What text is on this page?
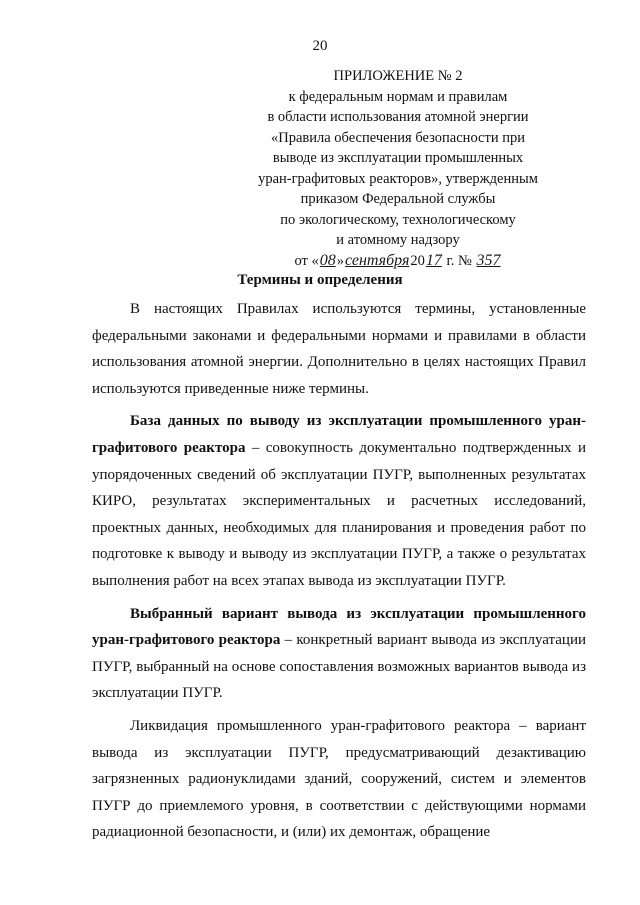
20
ПРИЛОЖЕНИЕ № 2
к федеральным нормам и правилам
в области использования атомной энергии
«Правила обеспечения безопасности при
выводе из эксплуатации промышленных
уран-графитовых реакторов», утвержденным
приказом Федеральной службы
по экологическому, технологическому
и атомному надзору
от «08»сентября2017 г. № 357
Термины и определения

В настоящих Правилах используются термины, установленные федеральными законами и федеральными нормами и правилами в области использования атомной энергии. Дополнительно в целях настоящих Правил используются приведенные ниже термины.

База данных по выводу из эксплуатации промышленного уран-графитового реактора – совокупность документально подтвержденных и упорядоченных сведений об эксплуатации ПУГР, выполненных результатах КИРО, результатах экспериментальных и расчетных исследований, проектных данных, необходимых для планирования и проведения работ по подготовке к выводу и выводу из эксплуатации ПУГР, а также о результатах выполнения работ на всех этапах вывода из эксплуатации ПУГР.

Выбранный вариант вывода из эксплуатации промышленного уран-графитового реактора – конкретный вариант вывода из эксплуатации ПУГР, выбранный на основе сопоставления возможных вариантов вывода из эксплуатации ПУГР.

Ликвидация промышленного уран-графитового реактора – вариант вывода из эксплуатации ПУГР, предусматривающий дезактивацию загрязненных радионуклидами зданий, сооружений, систем и элементов ПУГР до приемлемого уровня, в соответствии с действующими нормами радиационной безопасности, и (или) их демонтаж, обращение
